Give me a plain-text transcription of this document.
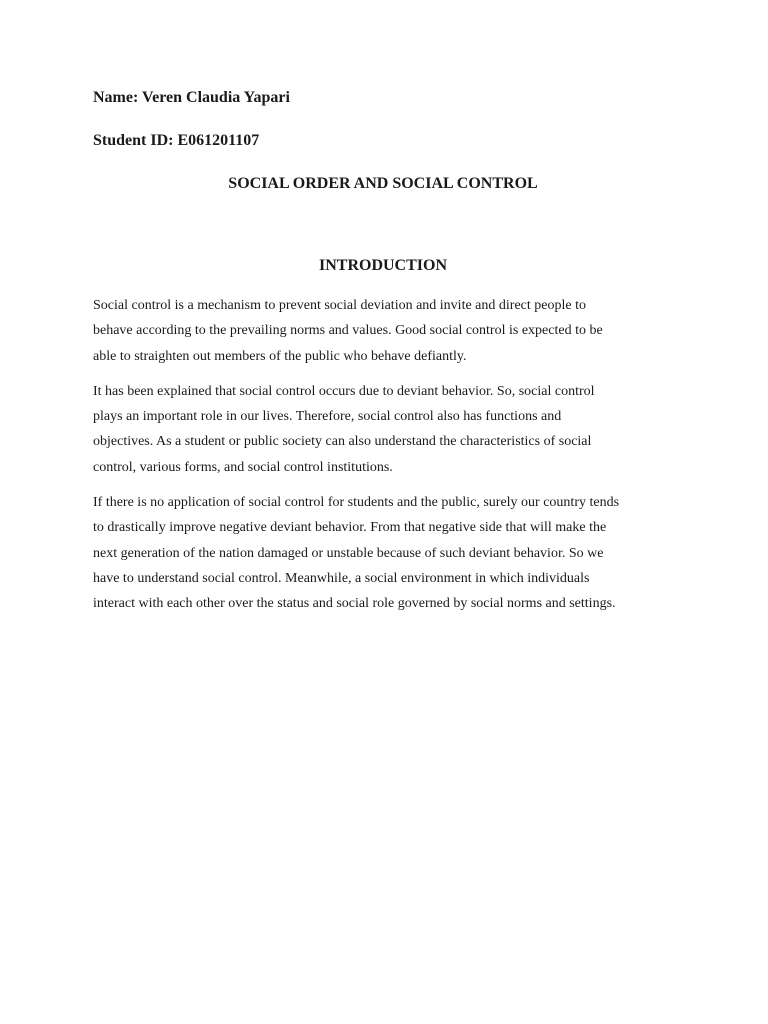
Name: Veren Claudia Yapari

Student ID: E061201107

SOCIAL ORDER AND SOCIAL CONTROL
INTRODUCTION

Social control is a mechanism to prevent social deviation and invite and direct people to
behave according to the prevailing norms and values. Good social control is expected to be
able to straighten out members of the public who behave defiantly.

It has been explained that social control occurs due to deviant behavior. So, social control
plays an important role in our lives. Therefore, social control also has functions and
objectives. As a student or public society can also understand the characteristics of social
control, various forms, and social control institutions.

If there is no application of social control for students and the public, surely our country tends
to drastically improve negative deviant behavior. From that negative side that will make the
next generation of the nation damaged or unstable because of such deviant behavior. So we
have to understand social control. Meanwhile, a social environment in which individuals
interact with each other over the status and social role governed by social norms and settings.
